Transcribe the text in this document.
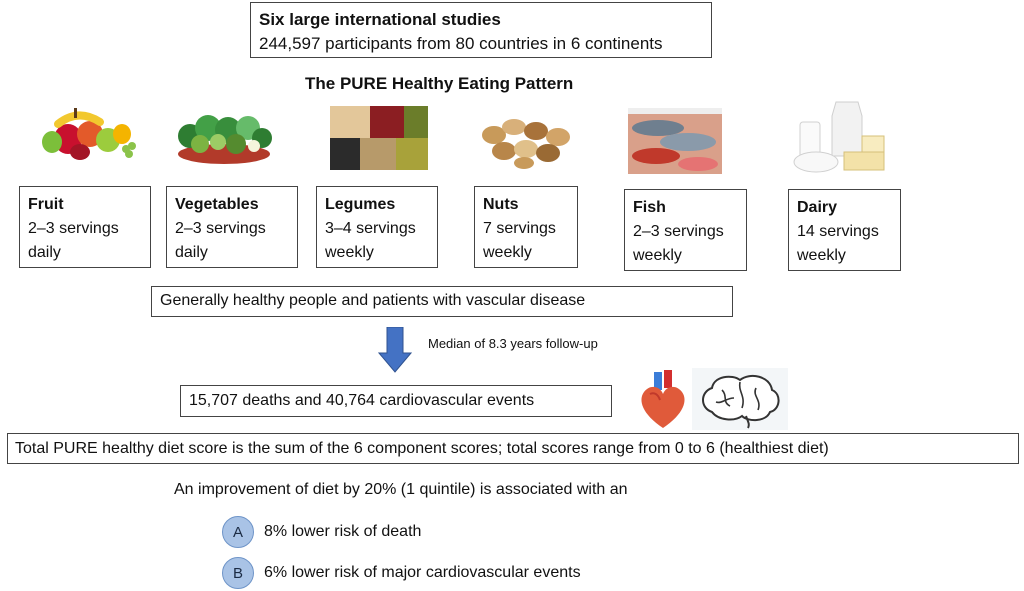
Six large international studies
244,597 participants from 80 countries in 6 continents
The PURE Healthy Eating Pattern
Fruit
2–3 servings
daily
Vegetables
2–3 servings
daily
Legumes
3–4 servings
weekly
Nuts
7 servings
weekly
Fish
2–3 servings
weekly
Dairy
14 servings
weekly
Generally healthy people and patients with vascular disease
Median of 8.3 years follow-up
15,707 deaths and 40,764 cardiovascular events
Total PURE healthy diet score is the sum of the 6 component scores; total scores range from 0 to 6 (healthiest diet)
An improvement of diet by 20% (1 quintile) is associated with an
A	8% lower risk of death
B	6% lower risk of major cardiovascular events
